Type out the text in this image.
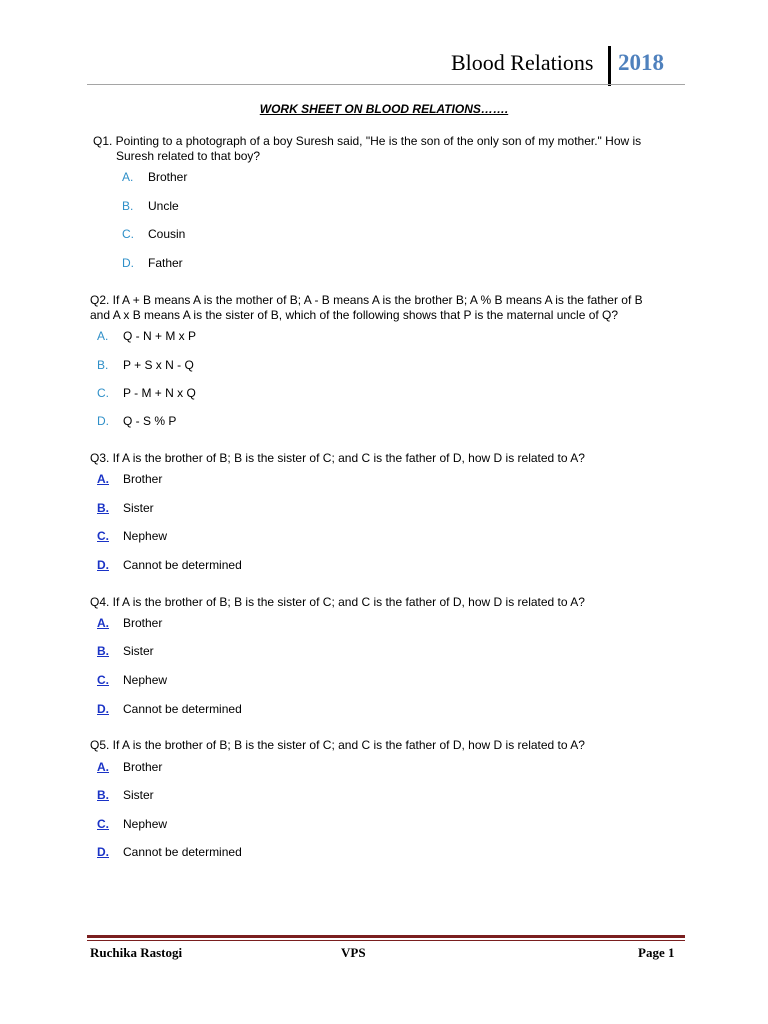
Blood Relations 2018
WORK SHEET ON BLOOD RELATIONS…….
Q1. Pointing to a photograph of a boy Suresh said, "He is the son of the only son of my mother." How is
Suresh related to that boy?
A. Brother
B. Uncle
C. Cousin
D. Father
Q2. If A + B means A is the mother of B; A - B means A is the brother B; A % B means A is the father of B
and A x B means A is the sister of B, which of the following shows that P is the maternal uncle of Q?
A. Q - N + M x P
B. P + S x N - Q
C. P - M + N x Q
D. Q - S % P
Q3. If A is the brother of B; B is the sister of C; and C is the father of D, how D is related to A?
A. Brother
B. Sister
C. Nephew
D. Cannot be determined
Q4. If A is the brother of B; B is the sister of C; and C is the father of D, how D is related to A?
A. Brother
B. Sister
C. Nephew
D. Cannot be determined
Q5. If A is the brother of B; B is the sister of C; and C is the father of D, how D is related to A?
A. Brother
B. Sister
C. Nephew
D. Cannot be determined
Ruchika Rastogi	VPS	Page 1
